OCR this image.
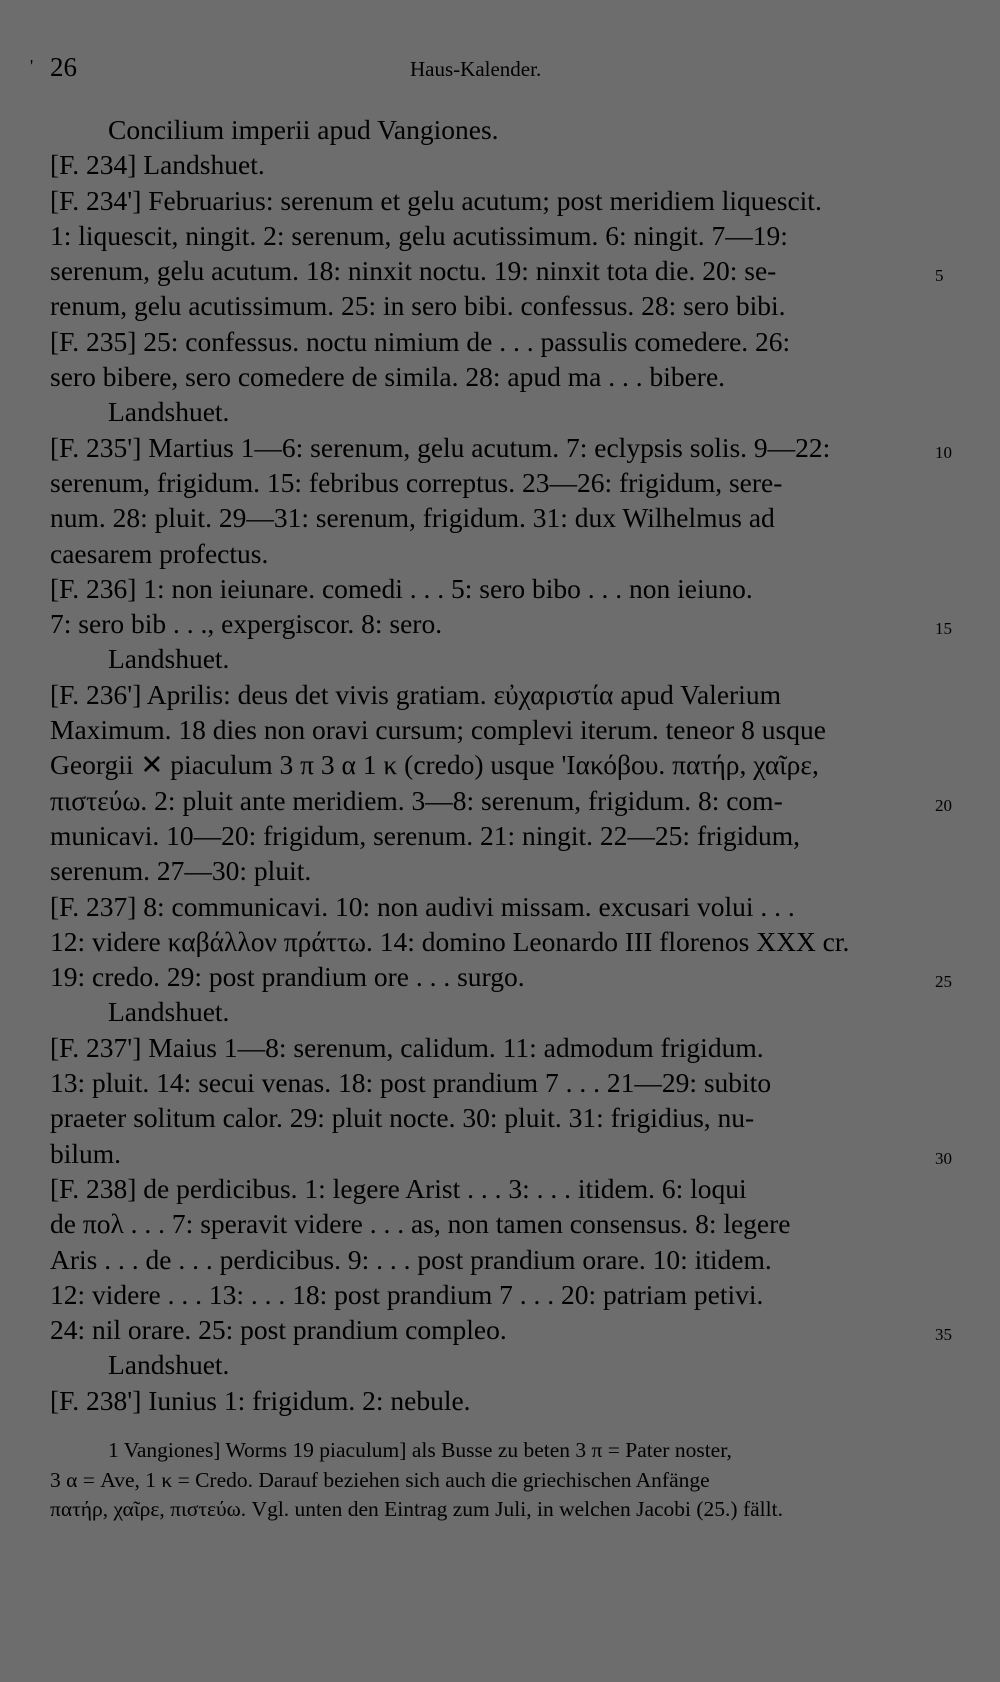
26	Haus-Kalender.
'
Concilium imperii apud Vangiones.
[F. 234] Landshuet.
[F. 234'] Februarius: serenum et gelu acutum; post meridiem liquescit.
1: liquescit, ningit. 2: serenum, gelu acutissimum. 6: ningit. 7—19:
serenum, gelu acutum. 18: ninxit noctu. 19: ninxit tota die. 20: se-	5
renum, gelu acutissimum. 25: in sero bibi. confessus. 28: sero bibi.
[F. 235] 25: confessus. noctu nimium de . . . passulis comedere. 26:
sero bibere, sero comedere de simila. 28: apud ma . . . bibere.
Landshuet.
[F. 235'] Martius 1—6: serenum, gelu acutum. 7: eclypsis solis. 9—22:	10
serenum, frigidum. 15: febribus correptus. 23—26: frigidum, sere-
num. 28: pluit. 29—31: serenum, frigidum. 31: dux Wilhelmus ad
caesarem profectus.
[F. 236] 1: non ieiunare. comedi . . . 5: sero bibo . . . non ieiuno.
7: sero bib . . ., expergiscor. 8: sero.	15
Landshuet.
[F. 236'] Aprilis: deus det vivis gratiam. εὐχαριστία apud Valerium
Maximum. 18 dies non oravi cursum; complevi iterum. teneor 8 usque
Georgii ✕ piaculum 3 π 3 α 1 κ (credo) usque 'Ιακόβου. πατήρ, χαῖρε,
πιστεύω. 2: pluit ante meridiem. 3—8: serenum, frigidum. 8: com-	20
municavi. 10—20: frigidum, serenum. 21: ningit. 22—25: frigidum,
serenum. 27—30: pluit.
[F. 237] 8: communicavi. 10: non audivi missam. excusari volui . . .
12: videre καβάλλον πράττω. 14: domino Leonardo III florenos XXX cr.
19: credo. 29: post prandium ore . . . surgo.	25
Landshuet.
[F. 237'] Maius 1—8: serenum, calidum. 11: admodum frigidum.
13: pluit. 14: secui venas. 18: post prandium 7 . . . 21—29: subito
praeter solitum calor. 29: pluit nocte. 30: pluit. 31: frigidius, nu-
bilum.	30
[F. 238] de perdicibus. 1: legere Arist . . . 3: . . . itidem. 6: loqui
de πολ . . . 7: speravit videre . . . as, non tamen consensus. 8: legere
Aris . . . de . . . perdicibus. 9: . . . post prandium orare. 10: itidem.
12: videre . . . 13: . . . 18: post prandium 7 . . . 20: patriam petivi.
24: nil orare. 25: post prandium compleo.	35
Landshuet.
[F. 238'] Iunius 1: frigidum. 2: nebule.
1 Vangiones] Worms 19 piaculum] als Busse zu beten 3 π = Pater noster,
3 α = Ave, 1 κ = Credo. Darauf beziehen sich auch die griechischen Anfänge
πατήρ, χαῖρε, πιστεύω. Vgl. unten den Eintrag zum Juli, in welchen Jacobi (25.) fällt.
